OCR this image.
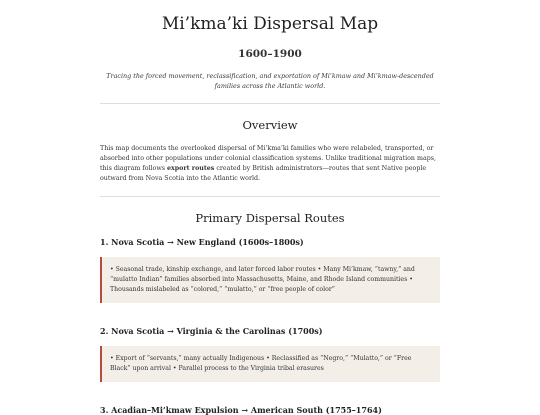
Mi’kma’ki Dispersal Map
1600–1900
Tracing the forced movement, reclassification, and exportation of Mi’kmaw and Mi’kmaw-descended families across the Atlantic world.
Overview

This map documents the overlooked dispersal of Mi’kma’ki families who were relabeled, transported, or absorbed into other populations under colonial classification systems. Unlike traditional migration maps, this diagram follows export routes created by British administrators—routes that sent Native people outward from Nova Scotia into the Atlantic world.

Primary Dispersal Routes
1. Nova Scotia → New England (1600s–1800s)
• Seasonal trade, kinship exchange, and later forced labor routes • Many Mi’kmaw, “tawny,” and “mulatto Indian” families absorbed into Massachusetts, Maine, and Rhode Island communities • Thousands mislabeled as “colored,” “mulatto,” or “free people of color”
2. Nova Scotia → Virginia & the Carolinas (1700s)
• Export of “servants,” many actually Indigenous • Reclassified as “Negro,” “Mulatto,” or “Free Black” upon arrival • Parallel process to the Virginia tribal erasures
3. Acadian–Mi’kmaw Expulsion → American South (1755–1764)
